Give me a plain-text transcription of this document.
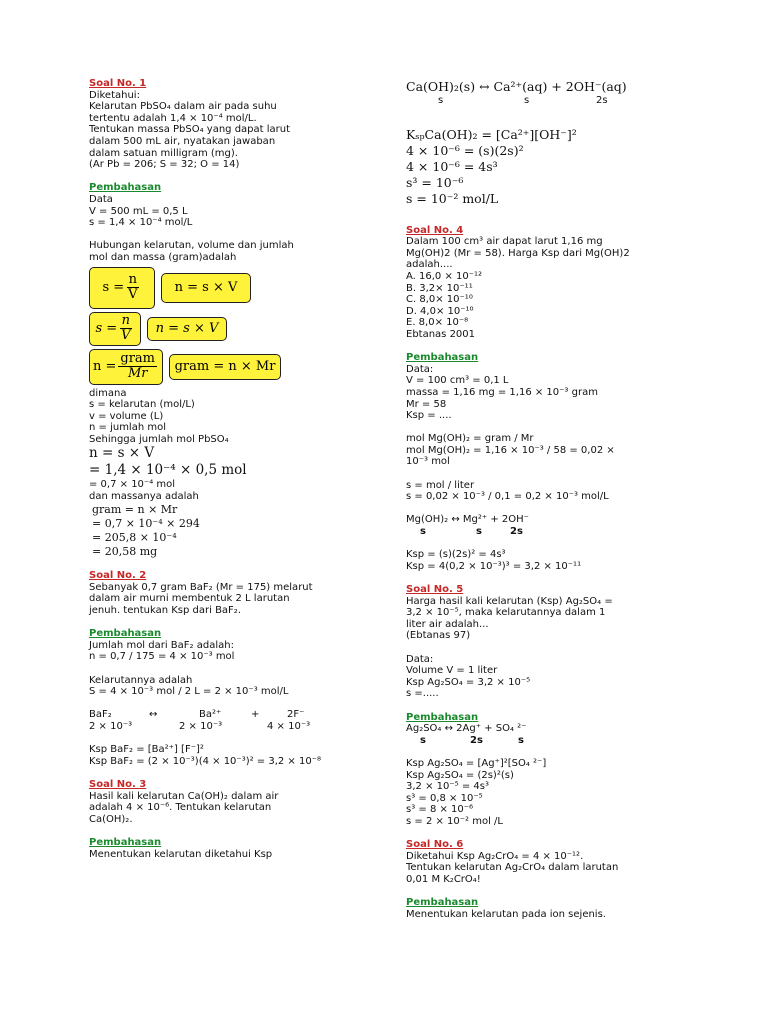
Soal No. 1
Diketahui:
Kelarutan PbSO₄ dalam air pada suhu
tertentu adalah 1,4 × 10⁻⁴ mol/L.
Tentukan massa PbSO₄ yang dapat larut
dalam 500 mL air, nyatakan jawaban
dalam satuan milligram (mg).
(Ar Pb = 206; S = 32; O = 14)
Pembahasan
Data
V = 500 mL = 0,5 L
s = 1,4 × 10⁻⁴ mol/L
Hubungan kelarutan, volume dan jumlah
mol dan massa (gram)adalah
$s = \frac{n}{V}$	n = s × V
$s = \frac{n}{V}$	n = s × V
$n = \frac{\text{gram}}{Mr}$	gram = n × Mr
dimana
s = kelarutan (mol/L)
v = volume (L)
n = jumlah mol
Sehingga jumlah mol PbSO₄
n = s × V
= 1,4 × 10⁻⁴ × 0,5 mol
= 0,7 × 10⁻⁴ mol
dan massanya adalah
gram = n × Mr
= 0,7 × 10⁻⁴ × 294
= 205,8 × 10⁻⁴
= 20,58 mg
Soal No. 2
Sebanyak 0,7 gram BaF₂ (Mr = 175) melarut
dalam air murni membentuk 2 L larutan
jenuh. tentukan Ksp dari BaF₂.
Pembahasan
Jumlah mol dari BaF₂ adalah:
n = 0,7 / 175 = 4 × 10⁻³ mol
Kelarutannya adalah
S = 4 × 10⁻³ mol / 2 L = 2 × 10⁻³ mol/L
BaF₂	↔	Ba²⁺	+	2F⁻
2 × 10⁻³	2 × 10⁻³	4 × 10⁻³
Ksp BaF₂ = [Ba²⁺] [F⁻]²
Ksp BaF₂ = (2 × 10⁻³)(4 × 10⁻³)² = 3,2 × 10⁻⁸
Soal No. 3
Hasil kali kelarutan Ca(OH)₂ dalam air
adalah 4 × 10⁻⁶. Tentukan kelarutan
Ca(OH)₂.
Pembahasan
Menentukan kelarutan diketahui Ksp
Ca(OH)₂(s) ↔ Ca²⁺(aq) + 2OH⁻(aq)
s	s	2s
KₛₚCa(OH)₂ = [Ca²⁺][OH⁻]²
4 × 10⁻⁶ = (s)(2s)²
4 × 10⁻⁶ = 4s³
s³ = 10⁻⁶
s = 10⁻² mol/L
Soal No. 4
Dalam 100 cm³ air dapat larut 1,16 mg
Mg(OH)2 (Mr = 58). Harga Ksp dari Mg(OH)2
adalah....
A. 16,0 × 10⁻¹²
B. 3,2× 10⁻¹¹
C. 8,0× 10⁻¹⁰
D. 4,0× 10⁻¹⁰
E. 8,0× 10⁻⁸
Ebtanas 2001
Pembahasan
Data:
V = 100 cm³ = 0,1 L
massa = 1,16 mg = 1,16 × 10⁻³ gram
Mr = 58
Ksp = ....
mol Mg(OH)₂ = gram / Mr
mol Mg(OH)₂ = 1,16 × 10⁻³ / 58 = 0,02 ×
10⁻³ mol
s = mol / liter
s = 0,02 × 10⁻³ / 0,1 = 0,2 × 10⁻³ mol/L
Mg(OH)₂ ↔ Mg²⁺ + 2OH⁻
s	s	2s
Ksp = (s)(2s)² = 4s³
Ksp = 4(0,2 × 10⁻³)³ = 3,2 × 10⁻¹¹
Soal No. 5
Harga hasil kali kelarutan (Ksp) Ag₂SO₄ =
3,2 × 10⁻⁵, maka kelarutannya dalam 1
liter air adalah...
(Ebtanas 97)
Data:
Volume V = 1 liter
Ksp Ag₂SO₄ = 3,2 × 10⁻⁵
s =.....
Pembahasan
Ag₂SO₄ ↔ 2Ag⁺ + SO₄ ²⁻
s	2s	s
Ksp Ag₂SO₄ = [Ag⁺]²[SO₄ ²⁻]
Ksp Ag₂SO₄ = (2s)²(s)
3,2 × 10⁻⁵ = 4s³
s³ = 0,8 × 10⁻⁵
s³ = 8 × 10⁻⁶
s = 2 × 10⁻² mol /L
Soal No. 6
Diketahui Ksp Ag₂CrO₄ = 4 × 10⁻¹².
Tentukan kelarutan Ag₂CrO₄ dalam larutan
0,01 M K₂CrO₄!
Pembahasan
Menentukan kelarutan pada ion sejenis.
